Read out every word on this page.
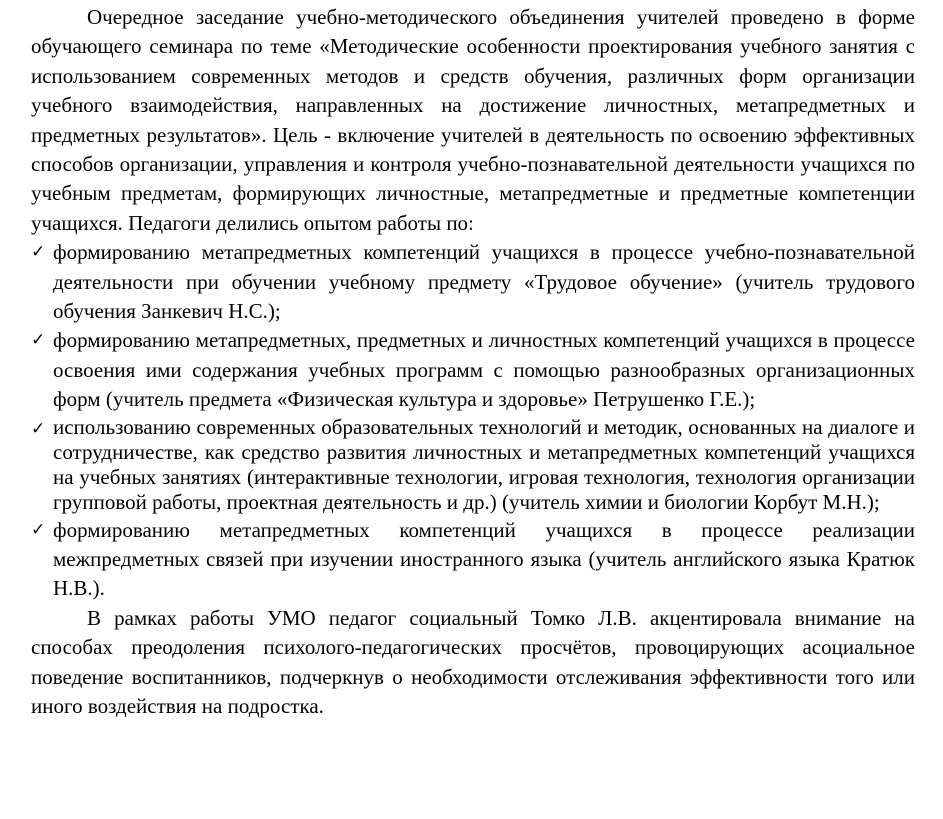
Очередное заседание учебно-методического объединения учителей проведено в форме обучающего семинара по теме «Методические особенности проектирования учебного занятия с использованием современных методов и средств обучения, различных форм организации учебного взаимодействия, направленных на достижение личностных, метапредметных и предметных результатов». Цель - включение учителей в деятельность по освоению эффективных способов организации, управления и контроля учебно-познавательной деятельности учащихся по учебным предметам, формирующих личностные, метапредметные и предметные компетенции учащихся. Педагоги делились опытом работы по:

✓ формированию метапредметных компетенций учащихся в процессе учебно-познавательной деятельности при обучении учебному предмету «Трудовое обучение» (учитель трудового обучения Занкевич Н.С.);
✓ формированию метапредметных, предметных и личностных компетенций учащихся в процессе освоения ими содержания учебных программ с помощью разнообразных организационных форм (учитель предмета «Физическая культура и здоровье» Петрушенко Г.Е.);
✓ использованию современных образовательных технологий и методик, основанных на диалоге и сотрудничестве, как средство развития личностных и метапредметных компетенций учащихся на учебных занятиях (интерактивные технологии, игровая технология, технология организации групповой работы, проектная деятельность и др.) (учитель химии и биологии Корбут М.Н.);
✓ формированию метапредметных компетенций учащихся в процессе реализации межпредметных связей при изучении иностранного языка (учитель английского языка Кратюк Н.В.).

В рамках работы УМО педагог социальный Томко Л.В. акцентировала внимание на способах преодоления психолого-педагогических просчётов, провоцирующих асоциальное поведение воспитанников, подчеркнув о необходимости отслеживания эффективности того или иного воздействия на подростка.
